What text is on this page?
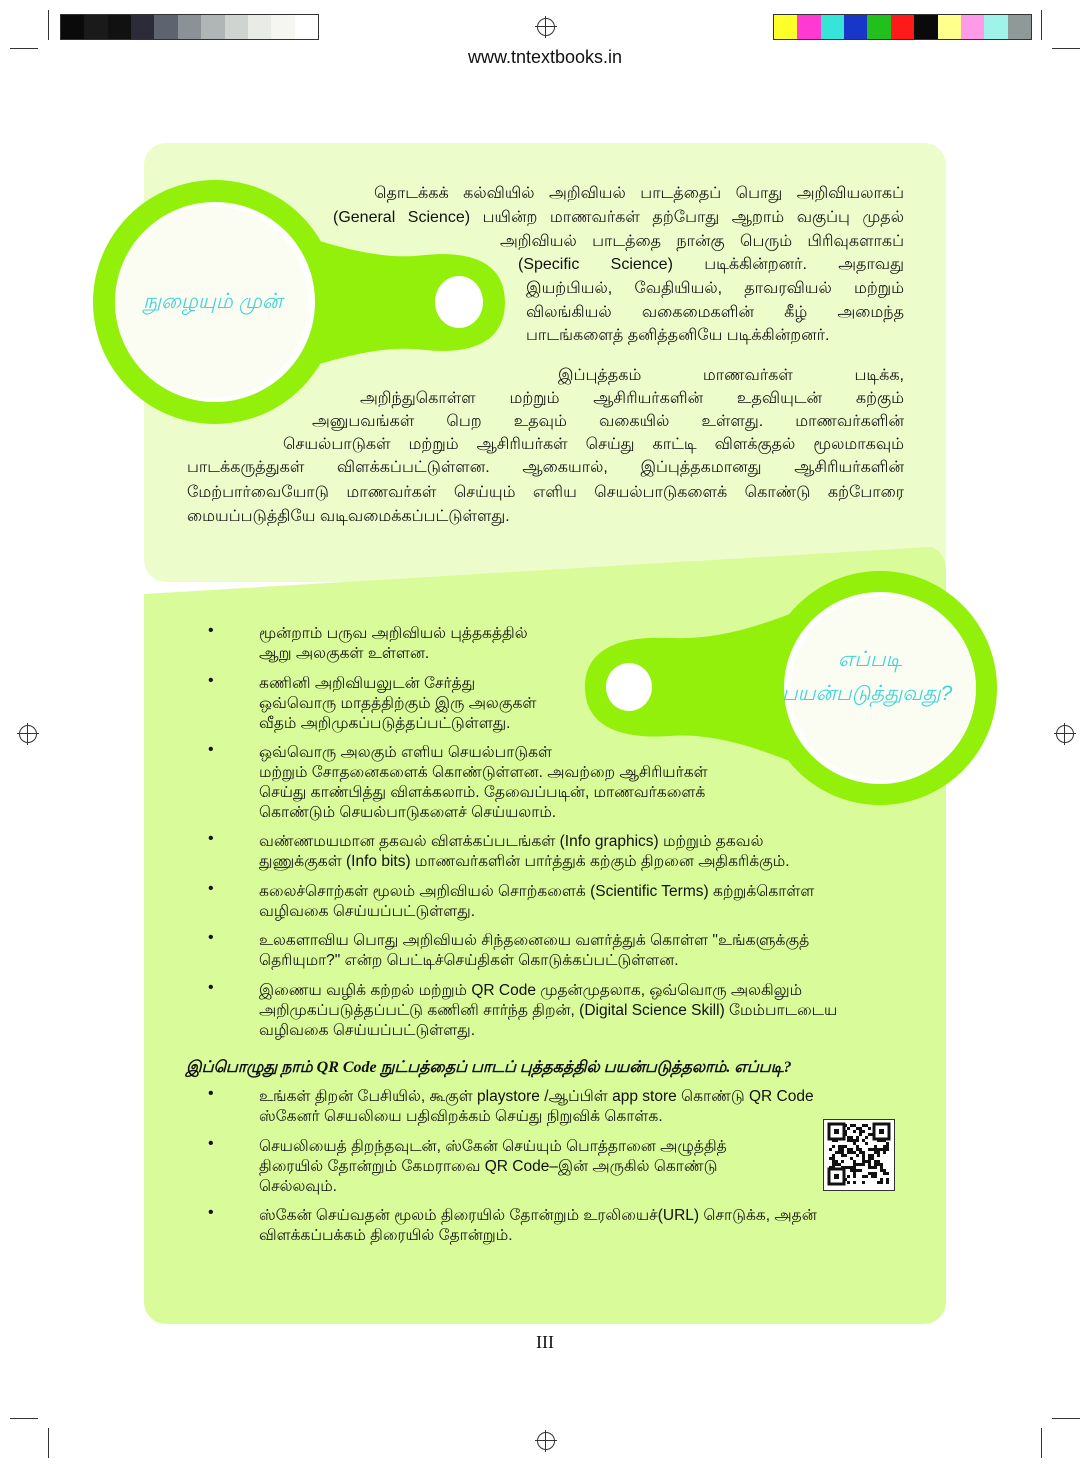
www.tntextbooks.in
நுழையும் முன்
எப்படி
பயன்படுத்துவது?
தொடக்கக் கல்வியில் அறிவியல் பாடத்தைப் பொது அறிவியலாகப்
(General Science) பயின்ற மாணவர்கள் தற்போது ஆறாம் வகுப்பு முதல்
அறிவியல் பாடத்தை நான்கு பெரும் பிரிவுகளாகப்
(Specific Science) படிக்கின்றனர். அதாவது
இயற்பியல், வேதியியல், தாவரவியல் மற்றும்
விலங்கியல் வகைமைகளின் கீழ் அமைந்த
பாடங்களைத் தனித்தனியே படிக்கின்றனர்.
இப்புத்தகம் மாணவர்கள் படிக்க,
அறிந்துகொள்ள மற்றும் ஆசிரியர்களின் உதவியுடன் கற்கும்
அனுபவங்கள் பெற உதவும் வகையில் உள்ளது. மாணவர்களின்
செயல்பாடுகள் மற்றும் ஆசிரியர்கள் செய்து காட்டி விளக்குதல் மூலமாகவும்
பாடக்கருத்துகள் விளக்கப்பட்டுள்ளன. ஆகையால், இப்புத்தகமானது ஆசிரியர்களின்
மேற்பார்வையோடு மாணவர்கள் செய்யும் எளிய செயல்பாடுகளைக் கொண்டு கற்போரை
மையப்படுத்தியே வடிவமைக்கப்பட்டுள்ளது.
•	மூன்றாம் பருவ அறிவியல் புத்தகத்தில்
ஆறு அலகுகள் உள்ளன.
•	கணினி அறிவியலுடன் சேர்த்து
ஒவ்வொரு மாதத்திற்கும் இரு அலகுகள்
வீதம் அறிமுகப்படுத்தப்பட்டுள்ளது.
•	ஒவ்வொரு அலகும் எளிய செயல்பாடுகள்
மற்றும் சோதனைகளைக் கொண்டுள்ளன. அவற்றை ஆசிரியர்கள்
செய்து காண்பித்து விளக்கலாம். தேவைப்படின், மாணவர்களைக்
கொண்டும் செயல்பாடுகளைச் செய்யலாம்.
•	வண்ணமயமான தகவல் விளக்கப்படங்கள் (Info graphics) மற்றும் தகவல்
துணுக்குகள் (Info bits) மாணவர்களின் பார்த்துக் கற்கும் திறனை அதிகரிக்கும்.
•	கலைச்சொற்கள் மூலம் அறிவியல் சொற்களைக் (Scientific Terms) கற்றுக்கொள்ள
வழிவகை செய்யப்பட்டுள்ளது.
•	உலகளாவிய பொது அறிவியல் சிந்தனையை வளர்த்துக் கொள்ள "உங்களுக்குத்
தெரியுமா?" என்ற பெட்டிச்செய்திகள் கொடுக்கப்பட்டுள்ளன.
•	இணைய வழிக் கற்றல் மற்றும் QR Code முதன்முதலாக, ஒவ்வொரு அலகிலும்
அறிமுகப்படுத்தப்பட்டு கணினி சார்ந்த திறன், (Digital Science Skill) மேம்பாடடைய
வழிவகை செய்யப்பட்டுள்ளது.
இப்பொழுது நாம் QR Code நுட்பத்தைப் பாடப் புத்தகத்தில் பயன்படுத்தலாம். எப்படி?
•	உங்கள் திறன் பேசியில், கூகுள் playstore /ஆப்பிள் app store கொண்டு QR Code
ஸ்கேனர் செயலியை பதிவிறக்கம் செய்து நிறுவிக் கொள்க.
•	செயலியைத் திறந்தவுடன், ஸ்கேன் செய்யும் பொத்தானை அழுத்தித்
திரையில் தோன்றும் கேமராவை QR Code–இன் அருகில் கொண்டு
செல்லவும்.
•	ஸ்கேன் செய்வதன் மூலம் திரையில் தோன்றும் உரலியைச்(URL) சொடுக்க, அதன்
விளக்கப்பக்கம் திரையில் தோன்றும்.
III
